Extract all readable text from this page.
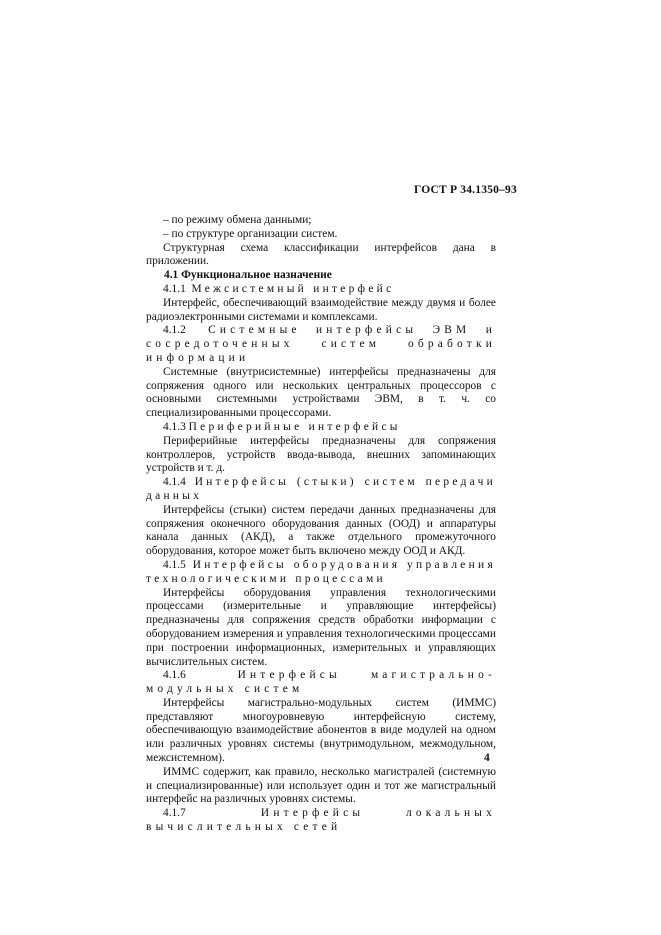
ГОСТ Р 34.1350–93

– по режиму обмена данными;

– по структуре организации систем.

Структурная схема классификации интерфейсов дана в приложении.

4.1 Функциональное назначение

4.1.1 Межсистемный интерфейс

Интерфейс, обеспечивающий взаимодействие между двумя и более радиоэлектронными системами и комплексами.

4.1.2 Системные интерфейсы ЭВМ и сосредоточенных систем обработки информации

Системные (внутрисистемные) интерфейсы предназначены для сопряжения одного или нескольких центральных процессоров с основными системными устройствами ЭВМ, в т. ч. со специализированными процессорами.

4.1.3 Периферийные интерфейсы

Периферийные интерфейсы предназначены для сопряжения контроллеров, устройств ввода-вывода, внешних запоминающих устройств и т. д.

4.1.4 Интерфейсы (стыки) систем передачи данных

Интерфейсы (стыки) систем передачи данных предназначены для сопряжения оконечного оборудования данных (ООД) и аппаратуры канала данных (АКД), а также отдельного промежуточного оборудования, которое может быть включено между ООД и АКД.

4.1.5 Интерфейсы оборудования управления технологическими процессами

Интерфейсы оборудования управления технологическими процессами (измерительные и управляющие интерфейсы) предназначены для сопряжения средств обработки информации с оборудованием измерения и управления технологическими процессами при построении информационных, измерительных и управляющих вычислительных систем.

4.1.6	Интерфейсы магистрально-модульных систем

Интерфейсы магистрально-модульных систем (ИММС) представляют многоуровневую интерфейсную систему, обеспечивающую взаимодействие абонентов в виде модулей на одном или различных уровнях системы (внутримодульном, межмодульном, межсистемном).

ИММС содержит, как правило, несколько магистралей (системную и специализированные) или использует один и тот же магистральный интерфейс на различных уровнях системы.

4.1.7	Интерфейсы локальных вычислительных сетей

4
